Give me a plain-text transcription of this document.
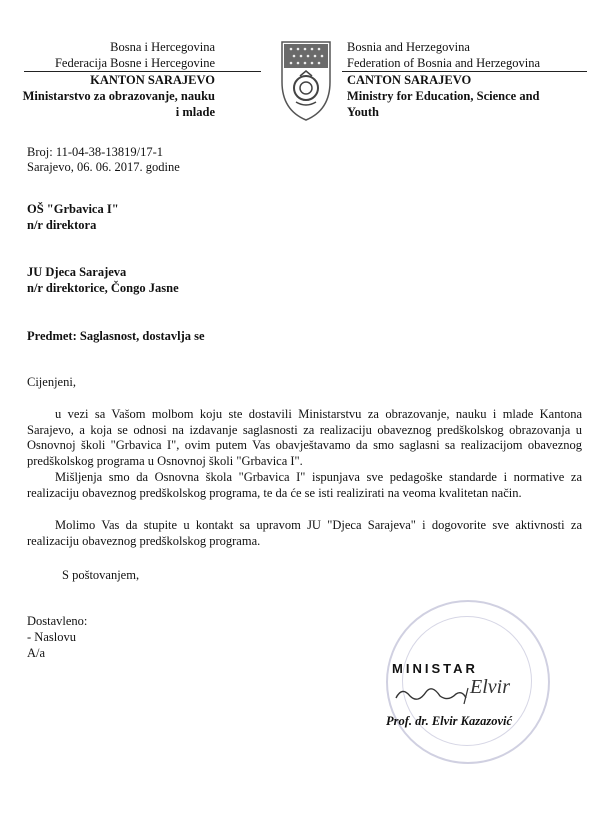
Bosna i Hercegovina
Federacija Bosne i Hercegovine
KANTON SARAJEVO
Ministarstvo za obrazovanje, nauku
i mlade
Bosnia and Herzegovina
Federation of Bosnia and Herzegovina
CANTON SARAJEVO
Ministry for Education, Science and
Youth
Broj: 11-04-38-13819/17-1
Sarajevo, 06. 06. 2017. godine
OŠ "Grbavica I"
n/r direktora
JU Djeca Sarajeva
n/r direktorice, Čongo Jasne
Predmet: Saglasnost, dostavlja se
Cijenjeni,
u vezi sa Vašom molbom koju ste dostavili Ministarstvu za obrazovanje, nauku i mlade Kantona Sarajevo, a koja se odnosi na izdavanje saglasnosti za realizaciju obaveznog predškolskog obrazovanja u Osnovnoj školi "Grbavica I", ovim putem Vas obavještavamo da smo saglasni sa realizacijom obaveznog predškolskog programa u Osnovnoj školi "Grbavica I".
Mišljenja smo da Osnovna škola "Grbavica I" ispunjava sve pedagoške standarde i normative za realizaciju obaveznog predškolskog programa, te da će se isti realizirati na veoma kvalitetan način.
Molimo Vas da stupite u kontakt sa upravom JU "Djeca Sarajeva" i dogovorite sve aktivnosti za realizaciju obaveznog predškolskog programa.
S poštovanjem,
Dostavleno:
- Naslovu
A/a
MINISTAR
Elvir
Prof. dr. Elvir Kazazović
